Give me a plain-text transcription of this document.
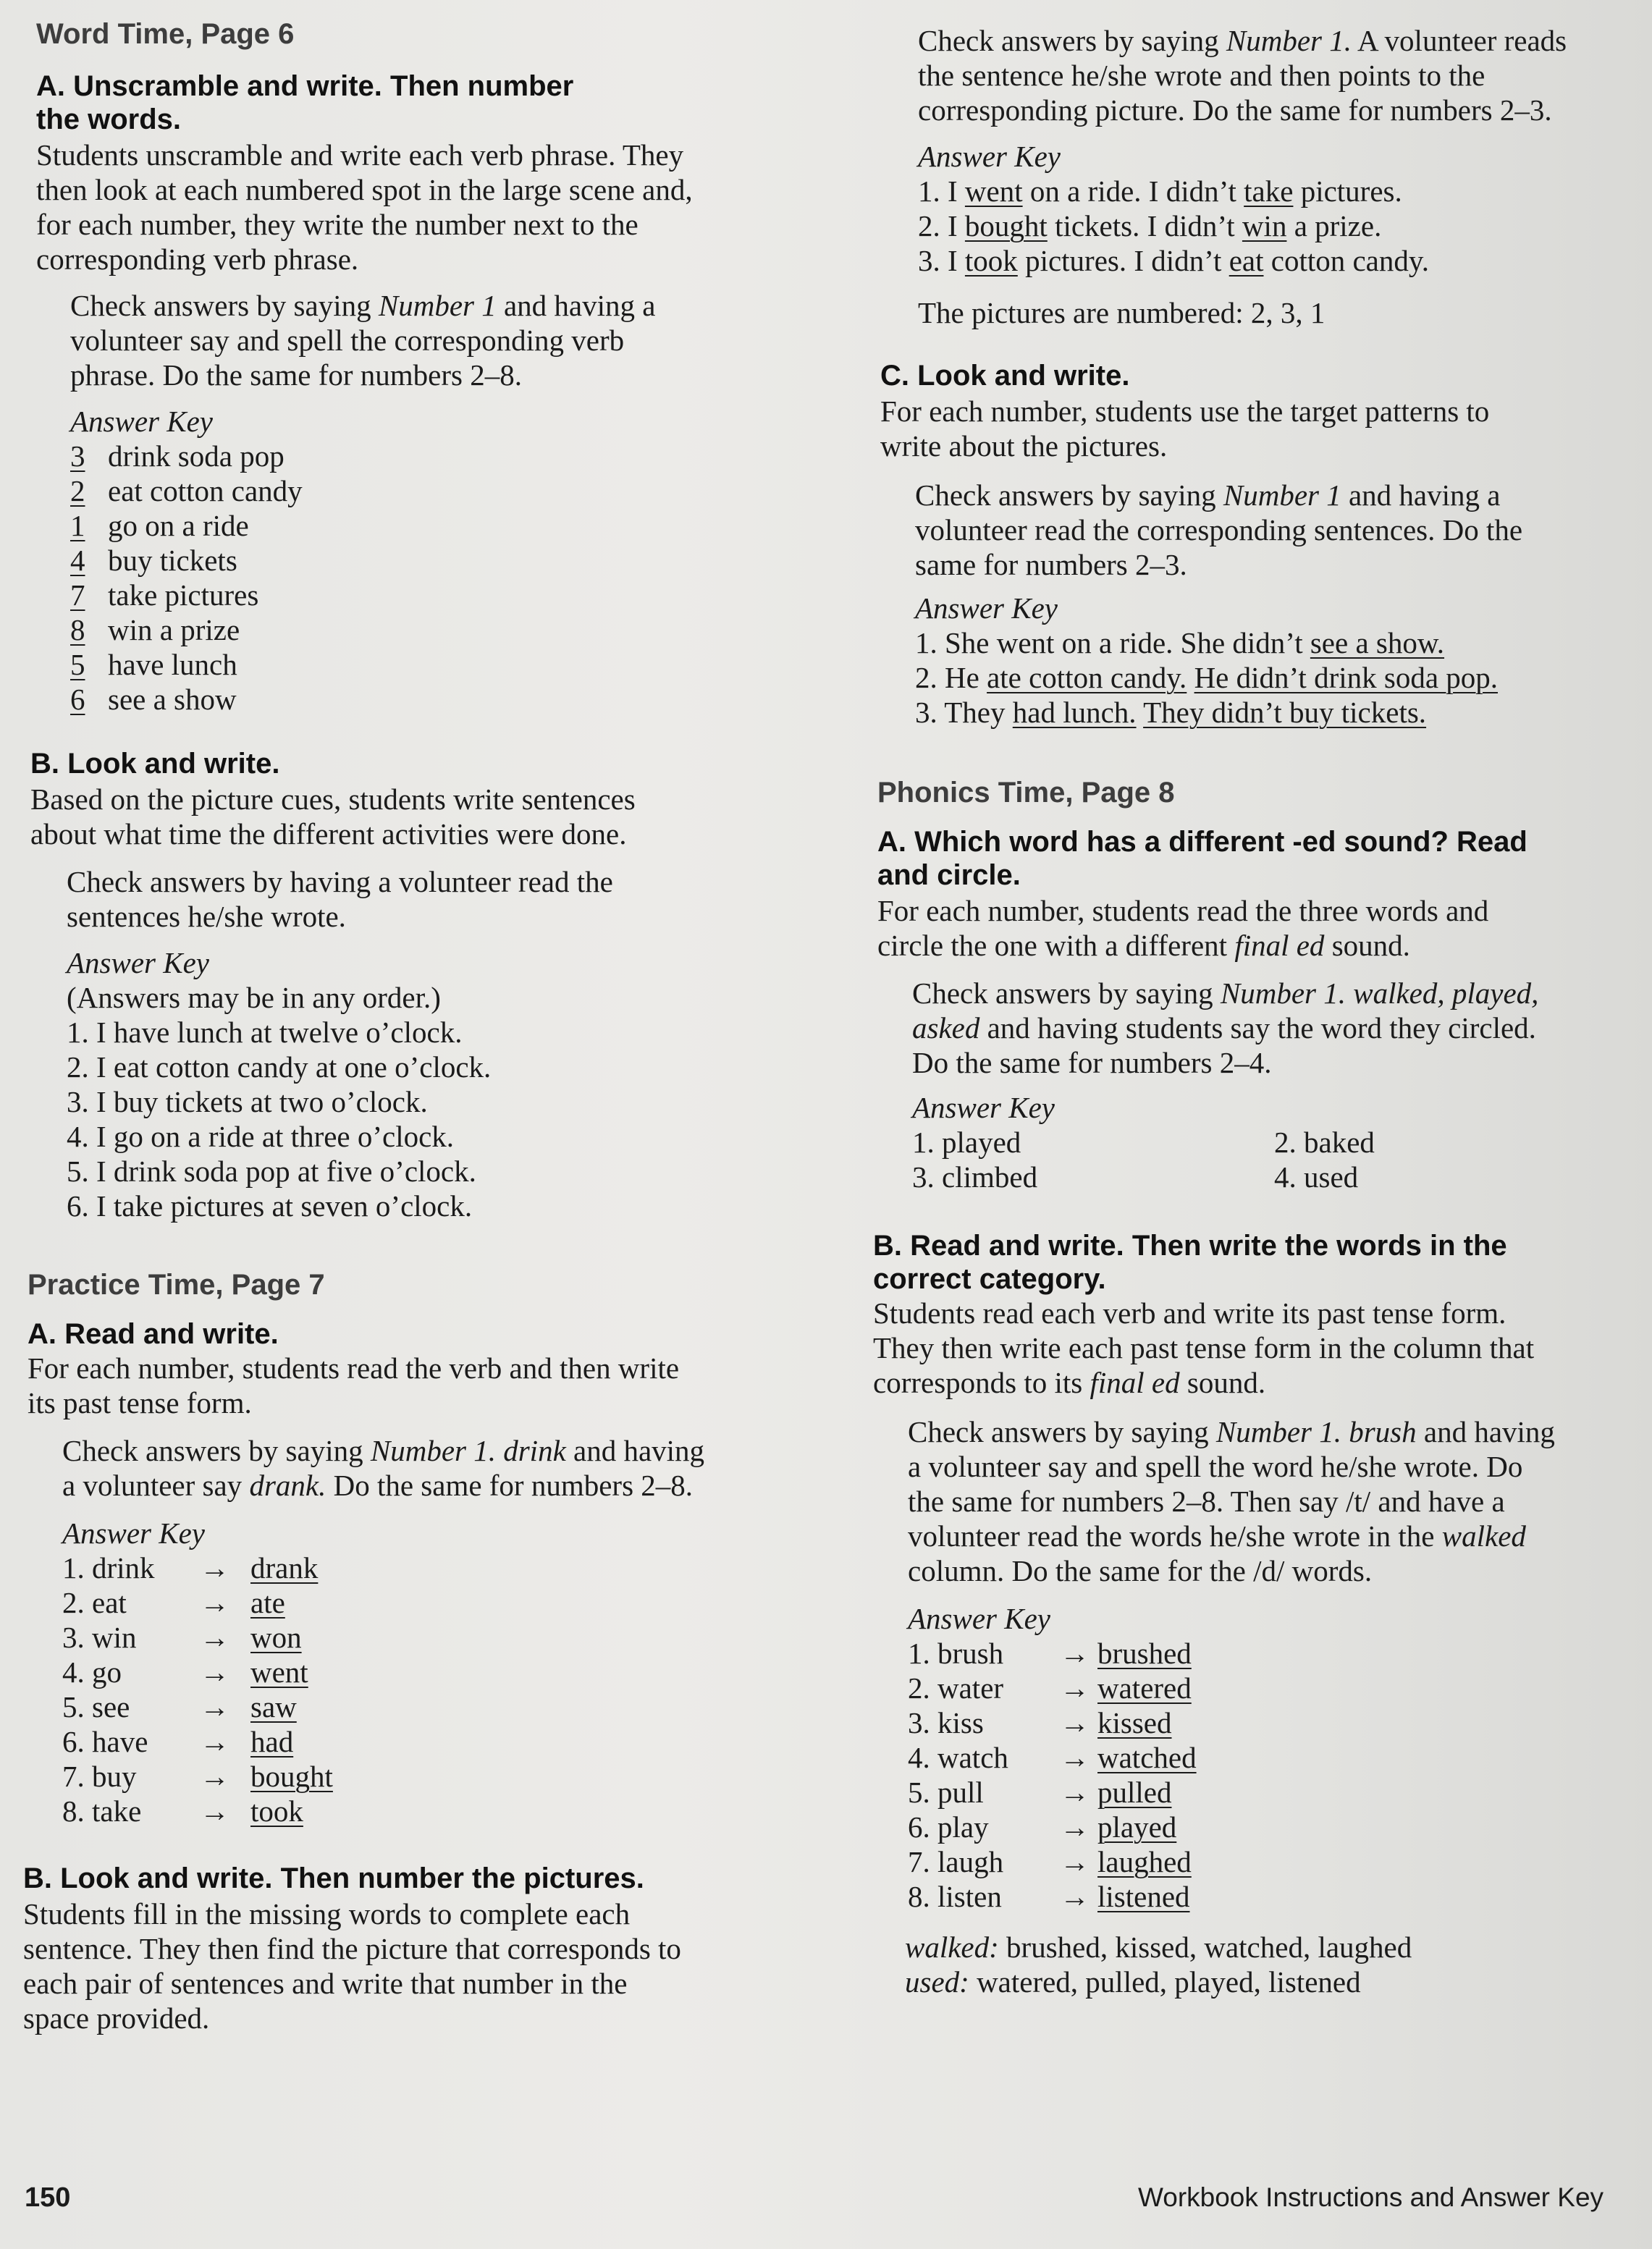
Word Time, Page 6
A. Unscramble and write. Then number
the words.
Students unscramble and write each verb phrase. They
then look at each numbered spot in the large scene and,
for each number, they write the number next to the
corresponding verb phrase.
Check answers by saying Number 1 and having a
volunteer say and spell the corresponding verb
phrase. Do the same for numbers 2–8.
Answer Key
3 drink soda pop
2 eat cotton candy
1 go on a ride
4 buy tickets
7 take pictures
8 win a prize
5 have lunch
6 see a show
B. Look and write.
Based on the picture cues, students write sentences
about what time the different activities were done.
Check answers by having a volunteer read the
sentences he/she wrote.
Answer Key
(Answers may be in any order.)
1. I have lunch at twelve o’clock.
2. I eat cotton candy at one o’clock.
3. I buy tickets at two o’clock.
4. I go on a ride at three o’clock.
5. I drink soda pop at five o’clock.
6. I take pictures at seven o’clock.
Practice Time, Page 7
A. Read and write.
For each number, students read the verb and then write
its past tense form.
Check answers by saying Number 1. drink and having
a volunteer say drank. Do the same for numbers 2–8.
Answer Key
1. drink → drank
2. eat → ate
3. win → won
4. go	→ went
5. see → saw
6. have → had
7. buy → bought
8. take → took
B. Look and write. Then number the pictures.
Students fill in the missing words to complete each
sentence. They then find the picture that corresponds to
each pair of sentences and write that number in the
space provided.
Check answers by saying Number 1. A volunteer reads
the sentence he/she wrote and then points to the
corresponding picture. Do the same for numbers 2–3.
Answer Key
1. I went on a ride. I didn’t take pictures.
2. I bought tickets. I didn’t win a prize.
3. I took pictures. I didn’t eat cotton candy.
The pictures are numbered: 2, 3, 1
C. Look and write.
For each number, students use the target patterns to
write about the pictures.
Check answers by saying Number 1 and having a
volunteer read the corresponding sentences. Do the
same for numbers 2–3.
Answer Key
1. She went on a ride. She didn’t see a show.
2. He ate cotton candy. He didn’t drink soda pop.
3. They had lunch. They didn’t buy tickets.
Phonics Time, Page 8
A. Which word has a different -ed sound? Read
and circle.
For each number, students read the three words and
circle the one with a different final ed sound.
Check answers by saying Number 1. walked, played,
asked and having students say the word they circled.
Do the same for numbers 2–4.
Answer Key
1. played	2. baked
3. climbed	4. used
B. Read and write. Then write the words in the
correct category.
Students read each verb and write its past tense form.
They then write each past tense form in the column that
corresponds to its final ed sound.
Check answers by saying Number 1. brush and having
a volunteer say and spell the word he/she wrote. Do
the same for numbers 2–8. Then say /t/ and have a
volunteer read the words he/she wrote in the walked
column. Do the same for the /d/ words.
Answer Key
1. brush → brushed
2. water → watered
3. kiss	→ kissed
4. watch → watched
5. pull	→ pulled
6. play → played
7. laugh → laughed
8. listen → listened
walked: brushed, kissed, watched, laughed
used: watered, pulled, played, listened
150	Workbook Instructions and Answer Key
